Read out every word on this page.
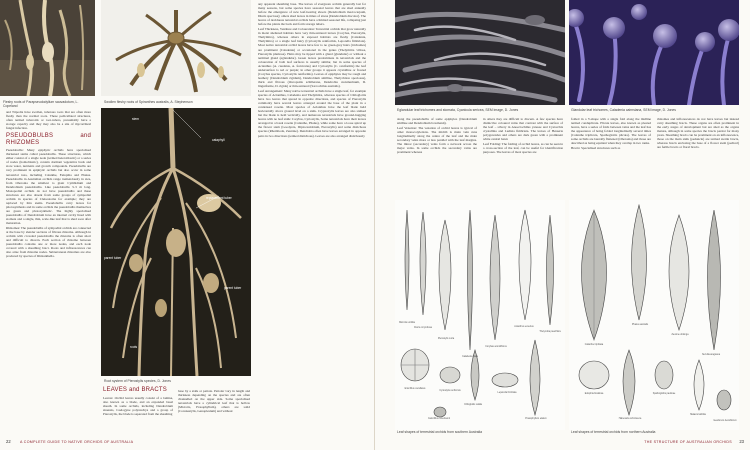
Fleshy roots of Parapseudodyllum sauvadotum, L. Copeland
Swollen fleshy roots of Spiranthes australis, A. Stephenson

and Tripodia have swollen, tuberous roots that are often more fleshy than the normal roots. These pedicellated structures, often termed tuberoids or root-tubers, presumably have a storage capacity and they may also be a site of mycorrhizal fungal infection.

PSEUDOBULBS and RHIZOMES

Pseudobulbs: Many epiphytic orchids have specialised thickened stems called pseudobulbs. These structures, which either consist of a single node (termed heteroblastic) or a series of nodes (homoblastic), contain dormant vegetative buds and store water, nutrients and growth compounds. Pseudobulbs are very prominent in epiphytic orchids but also occur in some terrestrial taxa, including Calanthe, Eulophia and Phaius. Pseudobulbs in Australian orchids range tremendously in size, from Oberonia the smallest to giant Cymbidium and Dendrobium pseudobulbs. Like pseudobulbs 3–5 m long. Monopodial orchids do not have pseudobulbs and these structures are also absent from some groups of sympodial orchids in species of Cleisostoma for example; they are replaced by thin stems. Pseudobulbs carry leaves for photosynthesis and in some orchids the pseudobulbs themselves are green and photosynthetic. The highly specialised pseudobulbs of Dendrobium have an internal cavity lined with stomata and a single, thin, scale-like leaf that is shed soon after maturation.

Rhizomes: The pseudobulbs of sympodial orchids are connected at the base by slender sections of fibrous rhizome. Although in orchids with crowded pseudobulbs the rhizome is often short and difficult to discern. Each section of rhizome between pseudobulbs contains one or more nodes, and each node covered with a sheathing bract. Roots and inflorescences can also arise from rhizome nodes. Subterranean rhizomes are also produced by species of Rhizanthella.

stem
cataphyll
replacement tuber
parent tuber
parent tuber
roots
Root system of Pterostylis species, D. Jones
LEAVES and BRACTS

Leaves: Orchid leaves usually consist of a lamina, also known as a blade, and an expanded basal sheath. In some orchids, including Dendrobium sinensis, Caelogyne polystachya and a group of Pterostylis, the blade is separated from the sheathing

base by a stalk or petiole. Petiolar vary in length and thickness depending on the species and are often channelled on the upper side. Some specialised terrestrials have a cylindrical leaf that is hollow (Microtis, Prasophyllum), others are solid (Corunastylis, Genoplesium) and without

any apparent sheathing base. The leaves of evergreen orchids generally last for many seasons, but some species have seasonal leaves that are shed annually before the emergence of new leaf-bearing shoots (Dendrobium macrocarpum, Diuris speciosa); others shed leaves in times of stress (Dendrobium discolor). The leaves of deciduous terrestrial orchids have a limited seasonal life, collapsing just before the plants die back and form storage tubers.

Leaf Thickness, Vestiture and Colouration: Terrestrial orchids that grow naturally in moist sheltered habitats have very thin-textured leaves (Corybas, Pterostylis, Thelymitra), whereas others in exposed habitats are fleshy (Caladenia, Thelymitra) or a single leaf hairy (Cyrtostylis reniformis, Leporella fimbriata). Most native terrestrial orchid leaves have few to no green-grey hairs (trichomes) are prominent (Caladenia) or occasional in the genus (Thelymitra villosa, Pterostylis plumosa). Hairs may be tipped with a gland (glandular) or without a terminal gland (eglandular). Green leaves predominate in terrestrials and the colouration of both leaf surfaces is usually similar, but in some species of Acianthus (A. caudatus, A. fornicatus) and Cyrtostylis (C. reniformis) the leaf undersurface is red or purple; in other groups it appears crystalline or frosted (Corybas species, Cyrtostylis reniformis). Leaves of epiphytes may be rough and leathery (Dendrobium rigidum), Dendrobium smilliae, Thelychiton speciosus), thick and fibrous (Oncopsida schillerana, Dendrobia cucumerinum, D. linguiforme, D. rigida) or thin-textured (Sarcochilus australis).

Leaf Arrangement: Many native terrestrial orchids have a single leaf, for example species of Acianthus, Caladenia and Thelymitra, whereas species of Chiloglottis have two leaves that spread in opposite directions, and species of Pterostylis commonly have several leaves arranged around the base of the plant in a condensed rosette. Most species of Acianthus have the leaf blade held horizontally above ground level on a stalk. Cryptostylis leaves are also stalked but the blade is held vertically, and numerous terrestrials have ground-hugging leaves with no leaf stalk: Corybas, Cyrtostylis, Some terrestrials have their leaves arranged in a basal rosette (Calanthe, Phaius), while some have a loose spiral up the flower stem (Goodyera, Diplocaulobium, Pterostylis) and some distichous species (Rhomboda, Zeuxine). Dendrobia often have leaves arranged in opposite pairs in two directions (termed distichous). Leaves are also arranged distichously

22	A COMPLETE GUIDE TO NATIVE ORCHIDS OF AUSTRALIA
Eglandular leaf trichomes and stomata, Cyanicula sericea, SEM image, D. Jones	Glandular leaf trichomes, Caladenia cairnsiana, SEM image, D. Jones

along the pseudobulbs of some epiphytes (Dendrobium smilliae and Dendrobium bowmanii).

Leaf Venation: The venation of orchid leaves is typical of other monocotyledons. The midrib is main vein runs longitudinally along the centre of the leaf and the main secondary veins more or less parallel with the leaf margins. The minor (secondary) veins form a network across the major veins. In some orchids the secondary veins are prominent whereas

in others they are difficult to discern. A few species have distinctive coloured veins that contrast with the surface of the leaf – silvery in Anoectochilus yatesae and Cystorchis crystallina and Ludisia fimbriata. The leaves of Hetaeria polygonoides and others are dark green with a prominent white central band.

Leaf Folding: The folding of orchid leaves, as can be seen in a cross-section of the leaf, can be useful for identification purposes. The leaves of most species are

folded in a V-shape with a single fold along the midline termed conduplicate. Plicate leaves, also known as pleated leaves, have a series of folds between veins and the leaf has the appearance of being folded longitudinally several times (Calanthe triplicata, Spathoglottis plicata). The leaves of some orchids are laterally flattened (Oberonia) and those are described as being equitant when they overlap in two ranks.

Bracts: Specialised structures such as

rhizomes and inflorescences do not have leaves but instead carry sheathing bracts. These organs are often prominent in the early stages of development but are shed as the organs mature, although in some species the bracts persist for many years. Sheathing bracts can be prominent on an inflorescence, those on the main stalk (peduncle) are termed sterile bracts, whereas bracts enclosing the base of a flower stem (pedicel) are fertile bracts or floral bracts.

Microtis unifolia
Diuris corymbosa
Pterostylis curta
Caladenia flava
Corybas aconitiflorus
Acianthus exsertus
Thelymitra pauciflora
Eriochilus cucullatus
Cyrtostylis reniformis
Chiloglottis valida
Leporella fimbriata
Prasophyllum elatum
Calochilus robertsonii
Leaf shapes of terrestrial orchids from southern Australia
Calanthe triplicata
Phaius australis
Zeuxine oblonga
Nervilia aragoana
Eulophia bicallosa
Habenaria ochroleuca
Spathoglottis paulinae
Malaxis latifolia
Geodorum densiflorum
Leaf shapes of terrestrial orchids from northern Australia
THE STRUCTURE OF AUSTRALIAN ORCHIDS 23
